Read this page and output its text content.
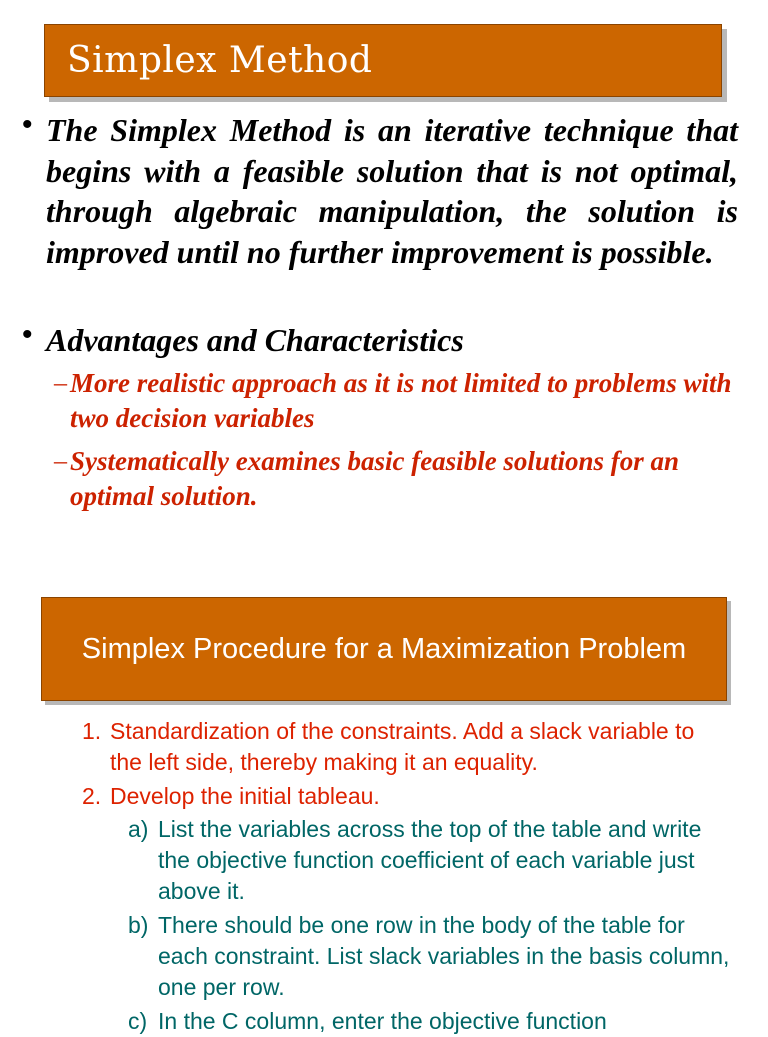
Simplex Method
• The Simplex Method is an iterative technique that begins with a feasible solution that is not optimal, through algebraic manipulation, the solution is improved until no further improvement is possible.
• Advantages and Characteristics
– More realistic approach as it is not limited to problems with two decision variables
– Systematically examines basic feasible solutions for an optimal solution.
Simplex Procedure for a Maximization Problem
1. Standardization of the constraints. Add a slack variable to the left side, thereby making it an equality.
2. Develop the initial tableau.
a) List the variables across the top of the table and write the objective function coefficient of each variable just above it.
b) There should be one row in the body of the table for each constraint. List slack variables in the basis column, one per row.
c) In the C column, enter the objective function
